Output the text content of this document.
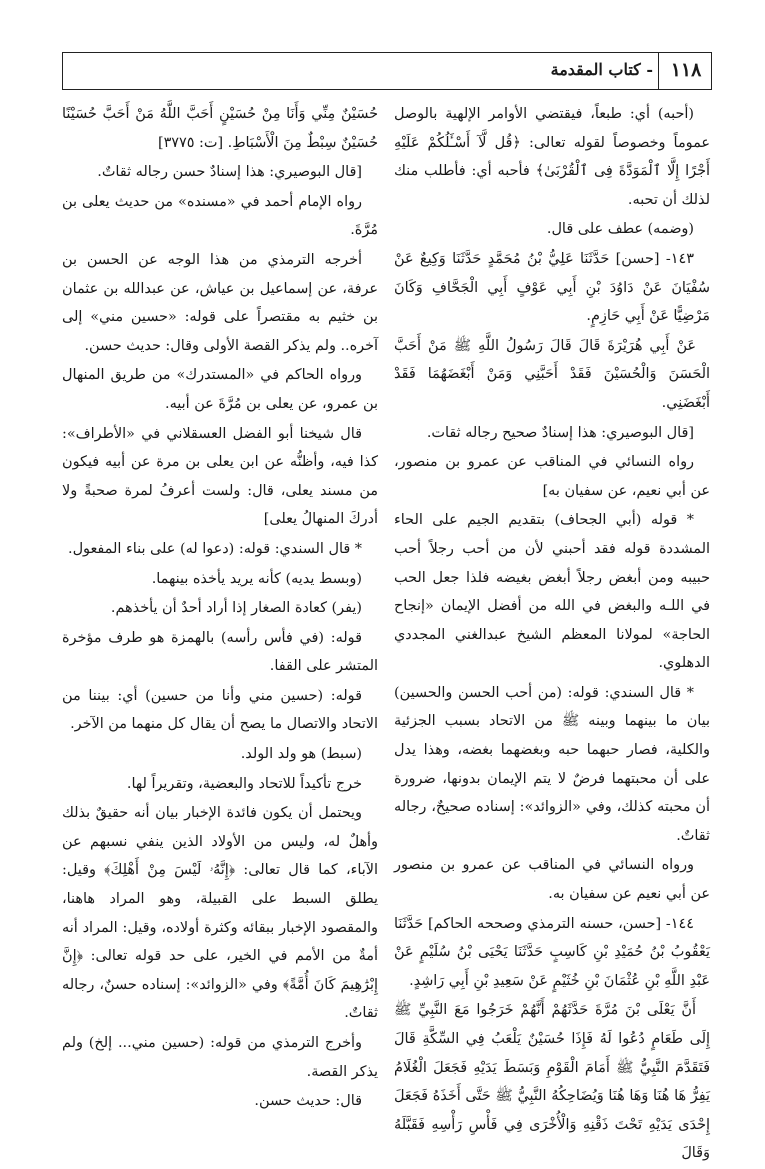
١١٨
- كتاب المقدمة

(أحبه) أي: طبعاً، فيقتضي الأوامر الإلهية بالوصل عموماً وخصوصاً لقوله تعالى: ﴿قُل لَّآ أَسْـَٔلُكُمْ عَلَيْهِ أَجْرًا إِلَّا ٱلْمَوَدَّةَ فِى ٱلْقُرْبَىٰ﴾ فأحبه أي: فأطلب منك لذلك أن تحبه.

(وضمه) عطف على قال.

١٤٣- [حسن] حَدَّثَنَا عَلِيُّ بْنُ مُحَمَّدٍ حَدَّثَنَا وَكِيعٌ عَنْ سُفْيَانَ عَنْ دَاوُدَ بْنِ أَبِي عَوْفٍ أَبِي الْجَحَّافِ وَكَانَ مَرْضِيًّا عَنْ أَبِي حَازِمٍ.

عَنْ أَبِي هُرَيْرَةَ قَالَ قَالَ رَسُولُ اللَّهِ ﷺ مَنْ أَحَبَّ الْحَسَنَ وَالْحُسَيْنَ فَقَدْ أَحَبَّنِي وَمَنْ أَبْغَضَهُمَا فَقَدْ أَبْغَضَنِي.

[قال البوصيري: هذا إسنادٌ صحيح رجاله ثقات.

رواه النسائي في المناقب عن عمرو بن منصور، عن أبي نعيم، عن سفيان به]

* قوله (أبي الجحاف) بتقديم الجيم على الحاء المشددة قوله فقد أحبني لأن من أحب رجلاً أحب حبيبه ومن أبغض رجلاً أبغض بغيضه فلذا جعل الحب في اللـه والبغض في الله من أفضل الإيمان «إنجاح الحاجة» لمولانا المعظم الشيخ عبدالغني المجددي الدهلوي.

* قال السندي: قوله: (من أحب الحسن والحسين) بيان ما بينهما وبينه ﷺ من الاتحاد بسبب الجزئية والكلية، فصار حبهما حبه وبغضهما بغضه، وهذا يدل على أن محبتهما فرضٌ لا يتم الإيمان بدونها، ضرورة أن محبته كذلك، وفي «الزوائد»: إسناده صحيحٌ، رجاله ثقاتٌ.

ورواه النسائي في المناقب عن عمرو بن منصور عن أبي نعيم عن سفيان به.

١٤٤- [حسن، حسنه الترمذي وصححه الحاكم] حَدَّثَنَا يَعْقُوبُ بْنُ حُمَيْدِ بْنِ كَاسِبٍ حَدَّثَنَا يَحْيَى بْنُ سُلَيْمٍ عَنْ عَبْدِ اللَّهِ بْنِ عُثْمَانَ بْنِ خُثَيْمٍ عَنْ سَعِيدِ بْنِ أَبِي رَاشِدٍ.

أَنَّ يَعْلَى بْنَ مُرَّةَ حَدَّثَهُمْ أَنَّهُمْ خَرَجُوا مَعَ النَّبِيِّ ﷺ إِلَى طَعَامٍ دُعُوا لَهُ فَإِذَا حُسَيْنٌ يَلْعَبُ فِي السِّكَّةِ قَالَ فَتَقَدَّمَ النَّبِيُّ ﷺ أَمَامَ الْقَوْمِ وَبَسَطَ يَدَيْهِ فَجَعَلَ الْغُلَامُ يَفِرُّ هَا هُنَا وَهَا هُنَا وَيُضَاحِكُهُ النَّبِيُّ ﷺ حَتَّى أَخَذَهُ فَجَعَلَ إِحْدَى يَدَيْهِ تَحْتَ ذَقْنِهِ وَالْأُخْرَى فِي فَأْسِ رَأْسِهِ فَقَبَّلَهُ وَقَالَ

حُسَيْنٌ مِنِّي وَأَنَا مِنْ حُسَيْنٍ أَحَبَّ اللَّهُ مَنْ أَحَبَّ حُسَيْنًا حُسَيْنٌ سِبْطٌ مِنَ الْأَسْبَاطِ. [ت: ٣٧٧٥]

[قال البوصيري: هذا إسنادٌ حسن رجاله ثقاتٌ.

رواه الإمام أحمد في «مسنده» من حديث يعلى بن مُرَّةَ.

أخرجه الترمذي من هذا الوجه عن الحسن بن عرفة، عن إسماعيل بن عياش، عن عبدالله بن عثمان بن خثيم به مقتصراً على قوله: «حسين مني» إلى آخره.. ولم يذكر القصة الأولى وقال: حديث حسن.

ورواه الحاكم في «المستدرك» من طريق المنهال بن عمرو، عن يعلى بن مُرَّةَ عن أبيه.

قال شيخنا أبو الفضل العسقلاني في «الأطراف»: كذا فيه، وأظنُّه عن ابن يعلى بن مرة عن أبيه فيكون من مسند يعلى، قال: ولست أعرفُ لمرة صحبةً ولا أدركَ المنهالُ يعلى]

* قال السندي: قوله: (دعوا له) على بناء المفعول.

(وبسط يديه) كأنه يريد يأخذه بينهما.

(يفر) كعادة الصغار إذا أراد أحدٌ أن يأخذهم.

قوله: (في فأس رأسه) بالهمزة هو طرف مؤخرة المتشر على القفا.

قوله: (حسين مني وأنا من حسين) أي: بيننا من الاتحاد والاتصال ما يصح أن يقال كل منهما من الآخر.

(سبط) هو ولد الولد.

خرج تأكيداً للاتحاد والبعضية، وتقريراً لها.

ويحتمل أن يكون فائدة الإخبار بيان أنه حقيقٌ بذلك وأهلٌ له، وليس من الأولاد الذين ينفي نسبهم عن الآباء، كما قال تعالى: ﴿إِنَّهُۥ لَيْسَ مِنْ أَهْلِكَ﴾ وقيل: يطلق السبط على القبيلة، وهو المراد هاهنا، والمقصود الإخبار ببقائه وكثرة أولاده، وقيل: المراد أنه أمةٌ من الأمم في الخير، على حد قوله تعالى: ﴿إِنَّ إِبْرَٰهِيمَ كَانَ أُمَّةً﴾ وفي «الزوائد»: إسناده حسنٌ، رجاله ثقاتٌ.

وأخرج الترمذي من قوله: (حسين مني... إلخ) ولم يذكر القصة.

قال: حديث حسن.
